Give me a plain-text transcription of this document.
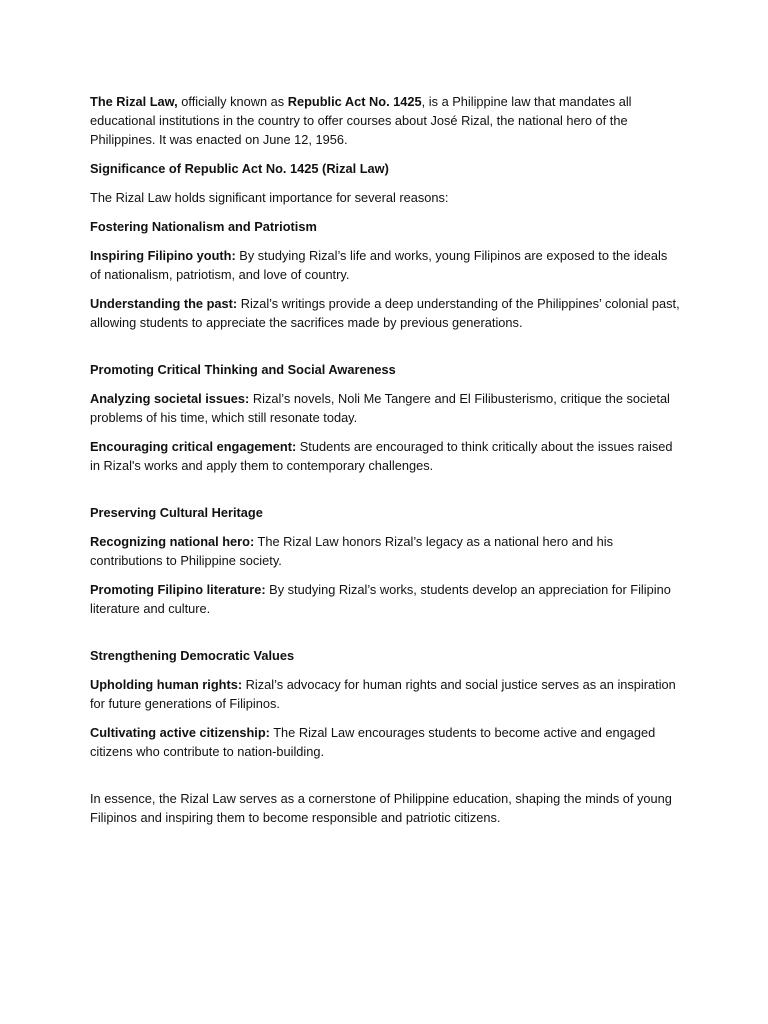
The Rizal Law, officially known as Republic Act No. 1425, is a Philippine law that mandates all educational institutions in the country to offer courses about José Rizal, the national hero of the Philippines. It was enacted on June 12, 1956.

Significance of Republic Act No. 1425 (Rizal Law)

The Rizal Law holds significant importance for several reasons:

Fostering Nationalism and Patriotism

Inspiring Filipino youth: By studying Rizal’s life and works, young Filipinos are exposed to the ideals of nationalism, patriotism, and love of country.

Understanding the past: Rizal’s writings provide a deep understanding of the Philippines’ colonial past, allowing students to appreciate the sacrifices made by previous generations.

Promoting Critical Thinking and Social Awareness

Analyzing societal issues: Rizal’s novels, Noli Me Tangere and El Filibusterismo, critique the societal problems of his time, which still resonate today.

Encouraging critical engagement: Students are encouraged to think critically about the issues raised in Rizal's works and apply them to contemporary challenges.

Preserving Cultural Heritage

Recognizing national hero: The Rizal Law honors Rizal’s legacy as a national hero and his contributions to Philippine society.

Promoting Filipino literature: By studying Rizal’s works, students develop an appreciation for Filipino literature and culture.

Strengthening Democratic Values

Upholding human rights: Rizal’s advocacy for human rights and social justice serves as an inspiration for future generations of Filipinos.

Cultivating active citizenship: The Rizal Law encourages students to become active and engaged citizens who contribute to nation-building.

In essence, the Rizal Law serves as a cornerstone of Philippine education, shaping the minds of young Filipinos and inspiring them to become responsible and patriotic citizens.
